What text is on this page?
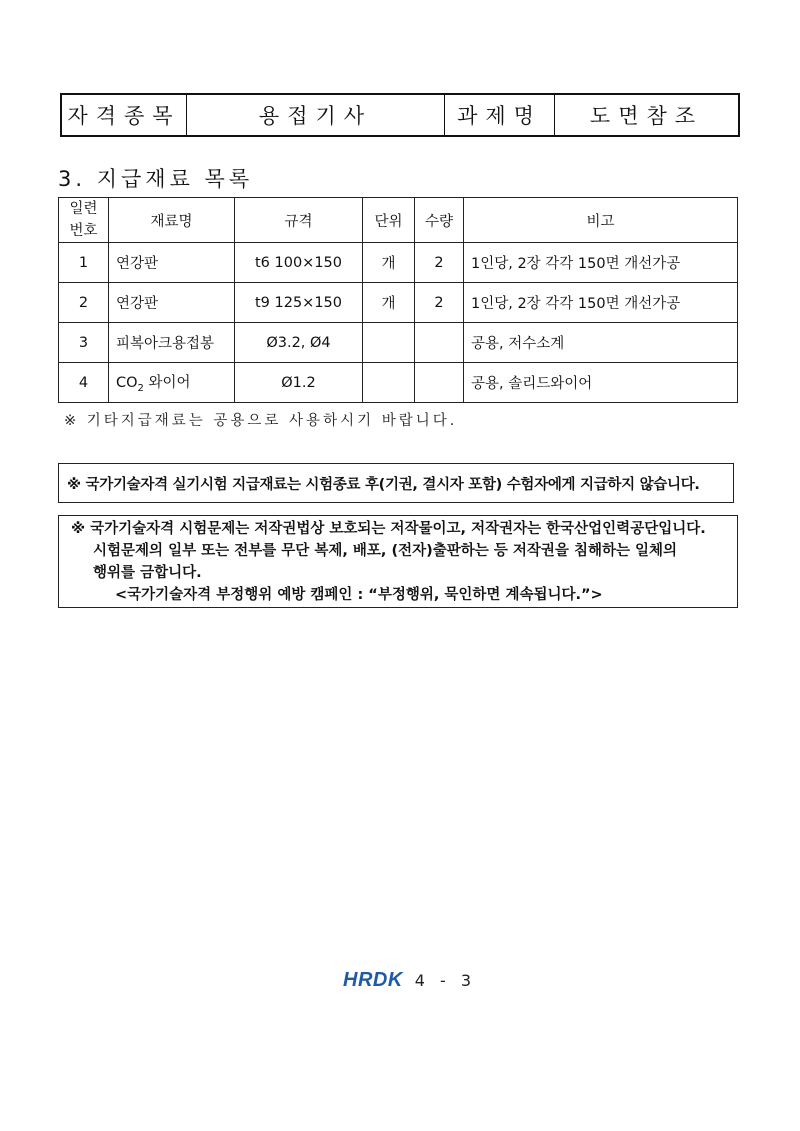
자격종목	용접기사	과제명	도면참조
3. 지급재료 목록
일련
번호	재료명	규격	단위	수량	비고
1	연강판	t6 100×150	개	2	1인당, 2장 각각 150면 개선가공
2	연강판	t9 125×150	개	2	1인당, 2장 각각 150면 개선가공
3	피복아크용접봉	Ø3.2, Ø4			공용, 저수소계
4	$CO_2$ 와이어	Ø1.2			공용, 솔리드와이어
※ 기타지급재료는 공용으로 사용하시기 바랍니다.
※ 국가기술자격 실기시험 지급재료는 시험종료 후(기권, 결시자 포함) 수험자에게 지급하지 않습니다.
※ 국가기술자격 시험문제는 저작권법상 보호되는 저작물이고, 저작권자는 한국산업인력공단입니다.
시험문제의 일부 또는 전부를 무단 복제, 배포, (전자)출판하는 등 저작권을 침해하는 일체의
행위를 금합니다.
<국가기술자격 부정행위 예방 캠페인 : “부정행위, 묵인하면 계속됩니다.”>
HRDK 4 - 3
